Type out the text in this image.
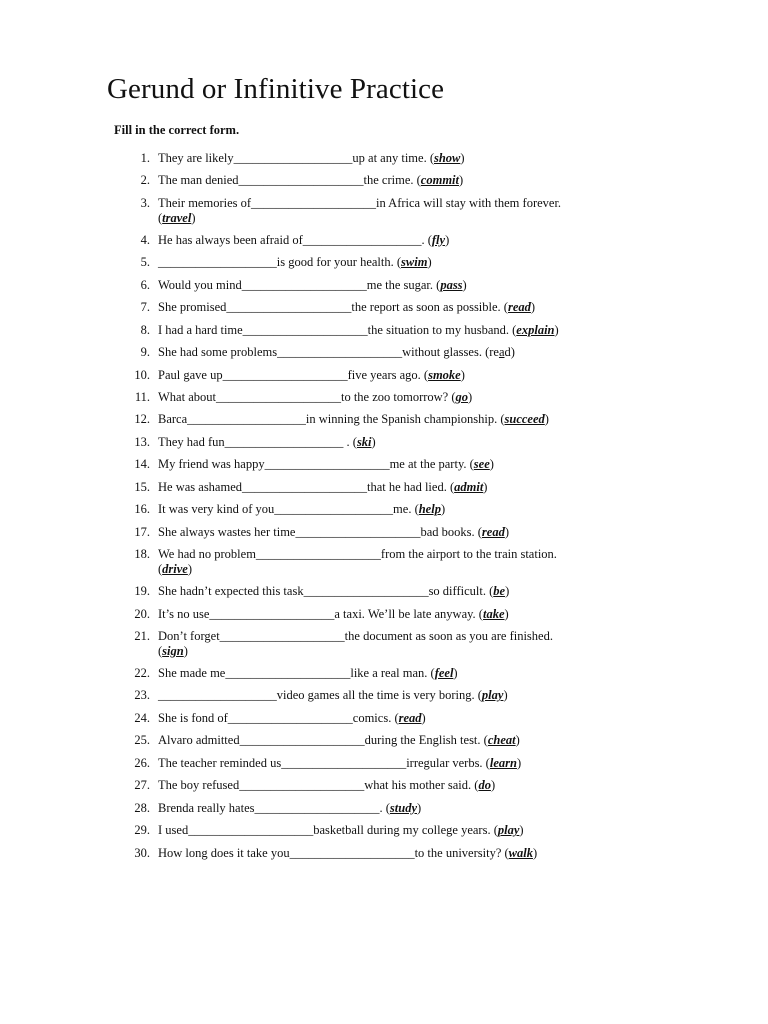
Gerund or Infinitive Practice

Fill in the correct form.

1. They are likely___________________up at any time. (show)
2. The man denied____________________the crime. (commit)
3. Their memories of____________________in Africa will stay with them forever.
(travel)
4. He has always been afraid of___________________. (fly)
5. ___________________is good for your health. (swim)
6. Would you mind____________________me the sugar. (pass)
7. She promised____________________the report as soon as possible. (read)
8. I had a hard time____________________the situation to my husband. (explain)
9. She had some problems____________________without glasses. (read)
10. Paul gave up____________________five years ago. (smoke)
11. What about____________________to the zoo tomorrow? (go)
12. Barca___________________in winning the Spanish championship. (succeed)
13. They had fun___________________ . (ski)
14. My friend was happy____________________me at the party. (see)
15. He was ashamed____________________that he had lied. (admit)
16. It was very kind of you___________________me. (help)
17. She always wastes her time____________________bad books. (read)
18. We had no problem____________________from the airport to the train station.
(drive)
19. She hadn’t expected this task____________________so difficult. (be)
20. It’s no use____________________a taxi. We’ll be late anyway. (take)
21. Don’t forget____________________the document as soon as you are finished.
(sign)
22. She made me____________________like a real man. (feel)
23. ___________________video games all the time is very boring. (play)
24. She is fond of____________________comics. (read)
25. Alvaro admitted____________________during the English test. (cheat)
26. The teacher reminded us____________________irregular verbs. (learn)
27. The boy refused____________________what his mother said. (do)
28. Brenda really hates____________________. (study)
29. I used____________________basketball during my college years. (play)
30. How long does it take you____________________to the university? (walk)
